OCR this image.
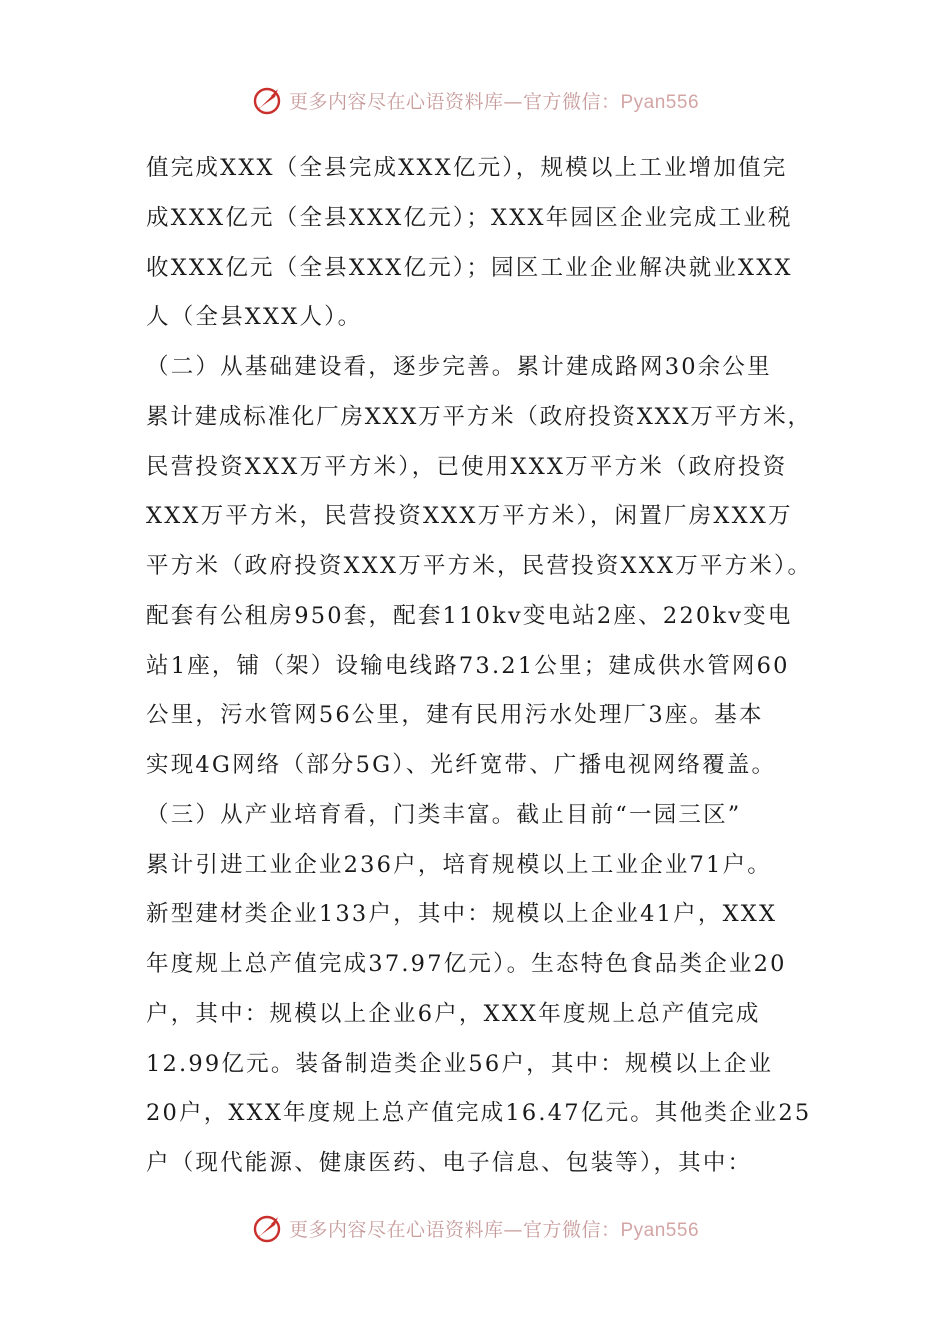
更多内容尽在心语资料库—官方微信：Pyan556
值完成XXX（全县完成XXX亿元），规模以上工业增加值完
成XXX亿元（全县XXX亿元）；XXX年园区企业完成工业税
收XXX亿元（全县XXX亿元）；园区工业企业解决就业XXX
人（全县XXX人）。
（二）从基础建设看，逐步完善。累计建成路网30余公里
累计建成标准化厂房XXX万平方米（政府投资XXX万平方米，
民营投资XXX万平方米），已使用XXX万平方米（政府投资
XXX万平方米，民营投资XXX万平方米），闲置厂房XXX万
平方米（政府投资XXX万平方米，民营投资XXX万平方米）。
配套有公租房950套，配套110kv变电站2座、220kv变电
站1座，铺（架）设输电线路73.21公里；建成供水管网60
公里，污水管网56公里，建有民用污水处理厂3座。基本
实现4G网络（部分5G）、光纤宽带、广播电视网络覆盖。
（三）从产业培育看，门类丰富。截止目前“一园三区”
累计引进工业企业236户，培育规模以上工业企业71户。
新型建材类企业133户，其中：规模以上企业41户，XXX
年度规上总产值完成37.97亿元）。生态特色食品类企业20
户，其中：规模以上企业6户，XXX年度规上总产值完成
12.99亿元。装备制造类企业56户，其中：规模以上企业
20户，XXX年度规上总产值完成16.47亿元。其他类企业25
户（现代能源、健康医药、电子信息、包装等），其中：
更多内容尽在心语资料库—官方微信：Pyan556
